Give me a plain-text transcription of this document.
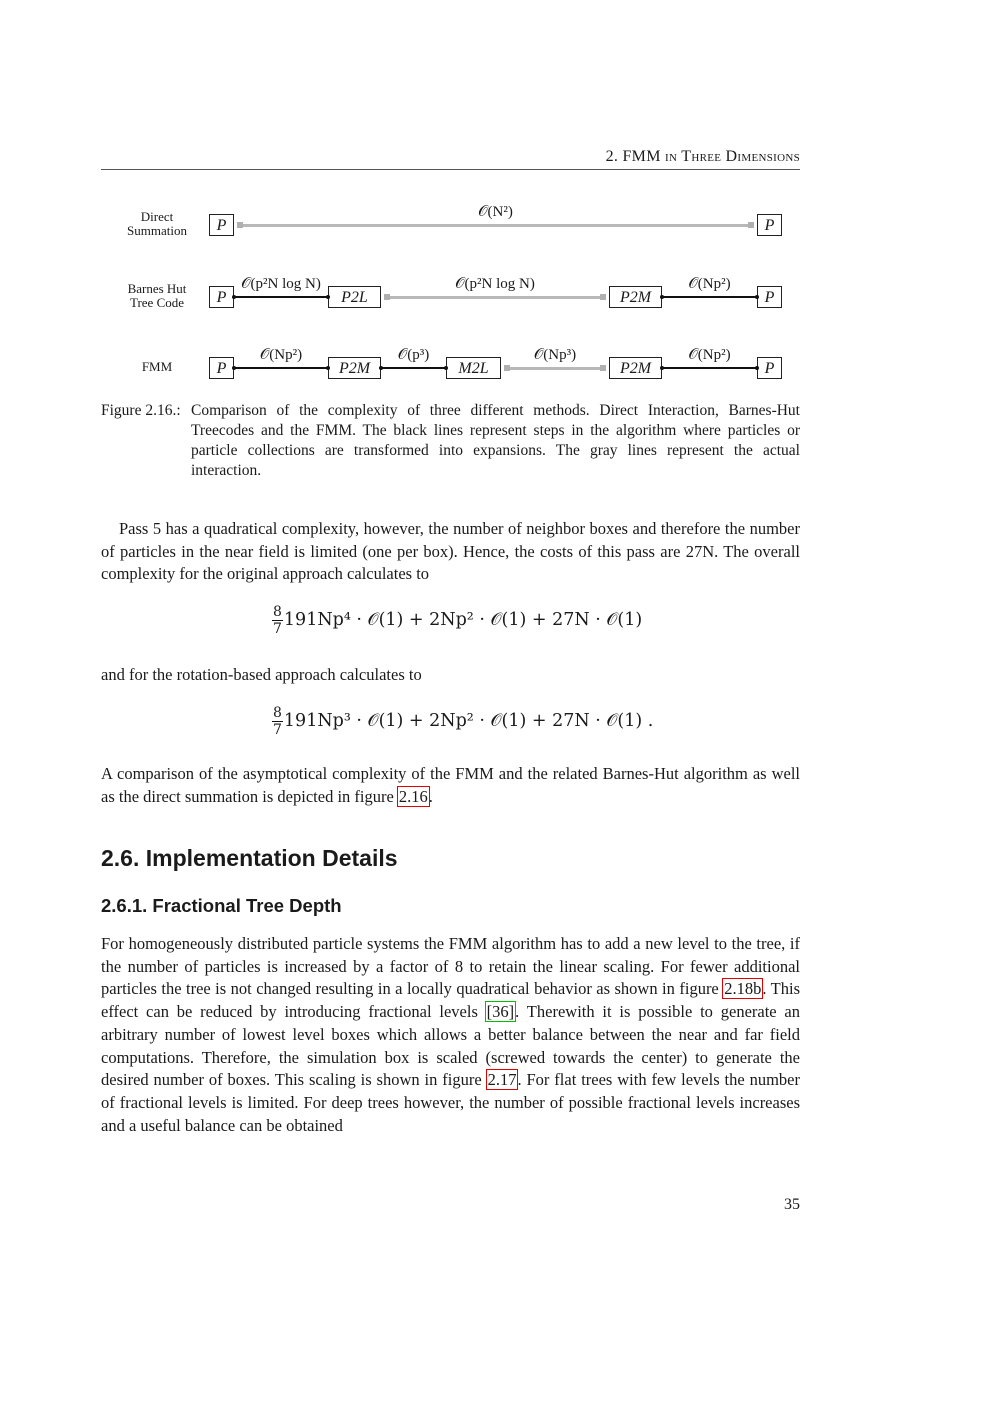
2. FMM in Three Dimensions
Direct
Summation	P	P
𝒪(N²)
Barnes Hut
Tree Code	P	P2L	P2M	P
𝒪(p²N log N)	𝒪(p²N log N)	𝒪(Np²)
FMM	P	P2M	M2L	P2M	P
𝒪(Np²)	𝒪(p³)	𝒪(Np³)	𝒪(Np²)
Figure 2.16.: Comparison of the complexity of three different methods. Direct Interaction, Barnes-Hut Treecodes and the FMM. The black lines represent steps in the algorithm where particles or particle collections are transformed into expansions. The gray lines represent the actual interaction.
Pass 5 has a quadratical complexity, however, the number of neighbor boxes and therefore the number of particles in the near field is limited (one per box). Hence, the costs of this pass are 27N. The overall complexity for the original approach calculates to
$\frac{8}{7} 191Np^4$ · 𝒪(1) + 2Np² · 𝒪(1) + 27N · 𝒪(1)
and for the rotation-based approach calculates to
$\frac{8}{7} 191Np^3$ · 𝒪(1) + 2Np² · 𝒪(1) + 27N · 𝒪(1) .
A comparison of the asymptotical complexity of the FMM and the related Barnes-Hut algorithm as well as the direct summation is depicted in figure 2.16.
2.6. Implementation Details
2.6.1. Fractional Tree Depth
For homogeneously distributed particle systems the FMM algorithm has to add a new level to the tree, if the number of particles is increased by a factor of 8 to retain the linear scaling. For fewer additional particles the tree is not changed resulting in a locally quadratical behavior as shown in figure 2.18b. This effect can be reduced by introducing fractional levels [36]. Therewith it is possible to generate an arbitrary number of lowest level boxes which allows a better balance between the near and far field computations. Therefore, the simulation box is scaled (screwed towards the center) to generate the desired number of boxes. This scaling is shown in figure 2.17. For flat trees with few levels the number of fractional levels is limited. For deep trees however, the number of possible fractional levels increases and a useful balance can be obtained
35
